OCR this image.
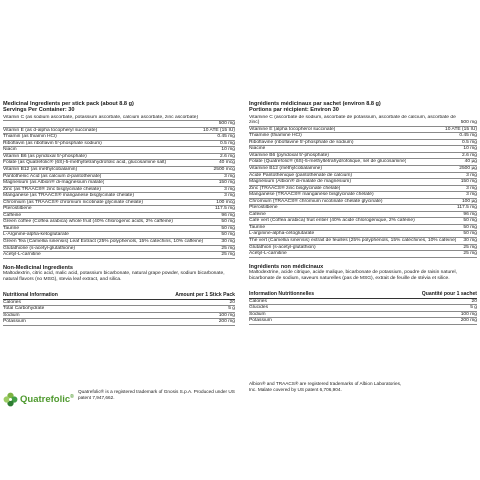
Medicinal Ingredients per stick pack (about 8.8 g)
Servings Per Container: 30
Vitamin C (as sodium ascorbate, potassium ascorbate, calcium ascorbate, zinc ascorbate)
500 mg
Vitamin E (as d-alpha tocopheryl succinate)	10 ATE (15 IU)
Thiamin (as thiamin HCl)	0.45 mg
Riboflavin (as riboflavin 5′-phosphate sodium)	0.5 mg
Niacin	10 mg
Vitamin B6 (as pyridoxal 5′-phosphate)	2.6 mg
Folate (as Quatrefolic® (6S)-5-methyltetrahydrofolic acid, glucosamine salt)	40 mcg
Vitamin B12 (as methylcobalamin)	2500 mcg
Pantothenic Acid (as calcium d-pantothenate)	3 mg
Magnesium (as Albion® di-magnesium malate)	150 mg
Zinc (as TRAACS® zinc bisglycinate chelate)	3 mg
Manganese (as TRAACS® manganese bisglycinate chelate)	3 mg
Chromium (as TRAACS® chromium nicotinate glycinate chelate)	100 mcg
Pterostilbene	117.5 mg
Caffeine	96 mg
Green coffee (Coffea arabica) whole fruit (40% chlorogenic acids, 2% caffeine)	50 mg
Taurine	50 mg
L-Arginine-alpha-ketoglutarate	50 mg
Green Tea (Camellia sinensis) Leaf Extract (25% polyphenols, 15% catechins, 10% caffeine)	30 mg
Glutathione (s-acetyl-glutathione)	25 mg
Acetyl-L-carnitine	25 mg
Non-Medicinal Ingredients
Maltodextrin, citric acid, malic acid, potassium bicarbonate, natural grape powder, sodium bicarbonate, natural flavors (no MSG), stevia leaf extract, and silica.
Nutritional Information	Amount per 1 Stick Pack
Calories	20
Total Carbohydrate	5 g
Sodium	100 mg
Potassium	200 mg
Ingrédients médicinaux par sachet (environ 8.8 g)
Portions par récipient: Environ 30
Vitamine C (ascorbate de sodium, ascorbate de potassium, ascorbate de calcium, ascorbate de zinc)	500 mg
Vitamine E (alpha tocophérol succinate)	10 ATE (15 IU)
Thiamine (thiamine HCl)	0.45 mg
Riboflavine (riboflavine 5′-phosphate de sodium)	0.5 mg
Niacine	10 mg
Vitamine B6 (pyridoxal 5′-phosphate)	2.6 mg
Folate (Quatrefolic® (6S)-5-méthyltétrahydrofolique, sel de glucosamine)	40 µg
Vitamine B12 (méthylcobalamine)	2500 µg
Acide Pantothénique (pantothénate de calcium)	3 mg
Magnésium (Albion® di-malate de magnésium)	150 mg
Zinc (TRAACS® zinc bisglycinate chelate)	3 mg
Manganèse (TRAACS® manganèse bisglycinate chélaté)	3 mg
Chromium (TRAACS® chromium nicotinate chélaté glycinate)	100 µg
Pterostilbene	117.5 mg
Caféine	96 mg
Café vert (Coffea arabica) fruit entier (40% acide chlorogénique, 2% caféine)	50 mg
Taurine	50 mg
L-arginine-alpha-cétoglutarate	50 mg
Thé vert (Camellia sinensis) extrait de feuilles (25% polyphénols, 15% catéchines, 10% caféine)	30 mg
Glutathion (s-acetyl-glutathion)	25 mg
Acétyl-L-carnitine	25 mg
Ingrédients non médicinaux
Maltodextrine, acide citrique, acide malique, bicarbonate de potassium, poudre de raisin naturel, bicarbonate de sodium, saveurs naturelles (pas de MSG), extrait de feuille de stévia et silice.
Information Nutritionnelles	Quantité pour 1 sachet
Calories	20
Glucides	5 g
Sodium	100 mg
Potassium	200 mg
Quatrefolic®
Quatrefolic® is a registered trademark of Gnosis S.p.A. Produced under US patent 7,947,662.
Albion® and TRAACS® are registered trademarks of Albion Laboratories, Inc. Malate covered by US patent 6,706,904.
